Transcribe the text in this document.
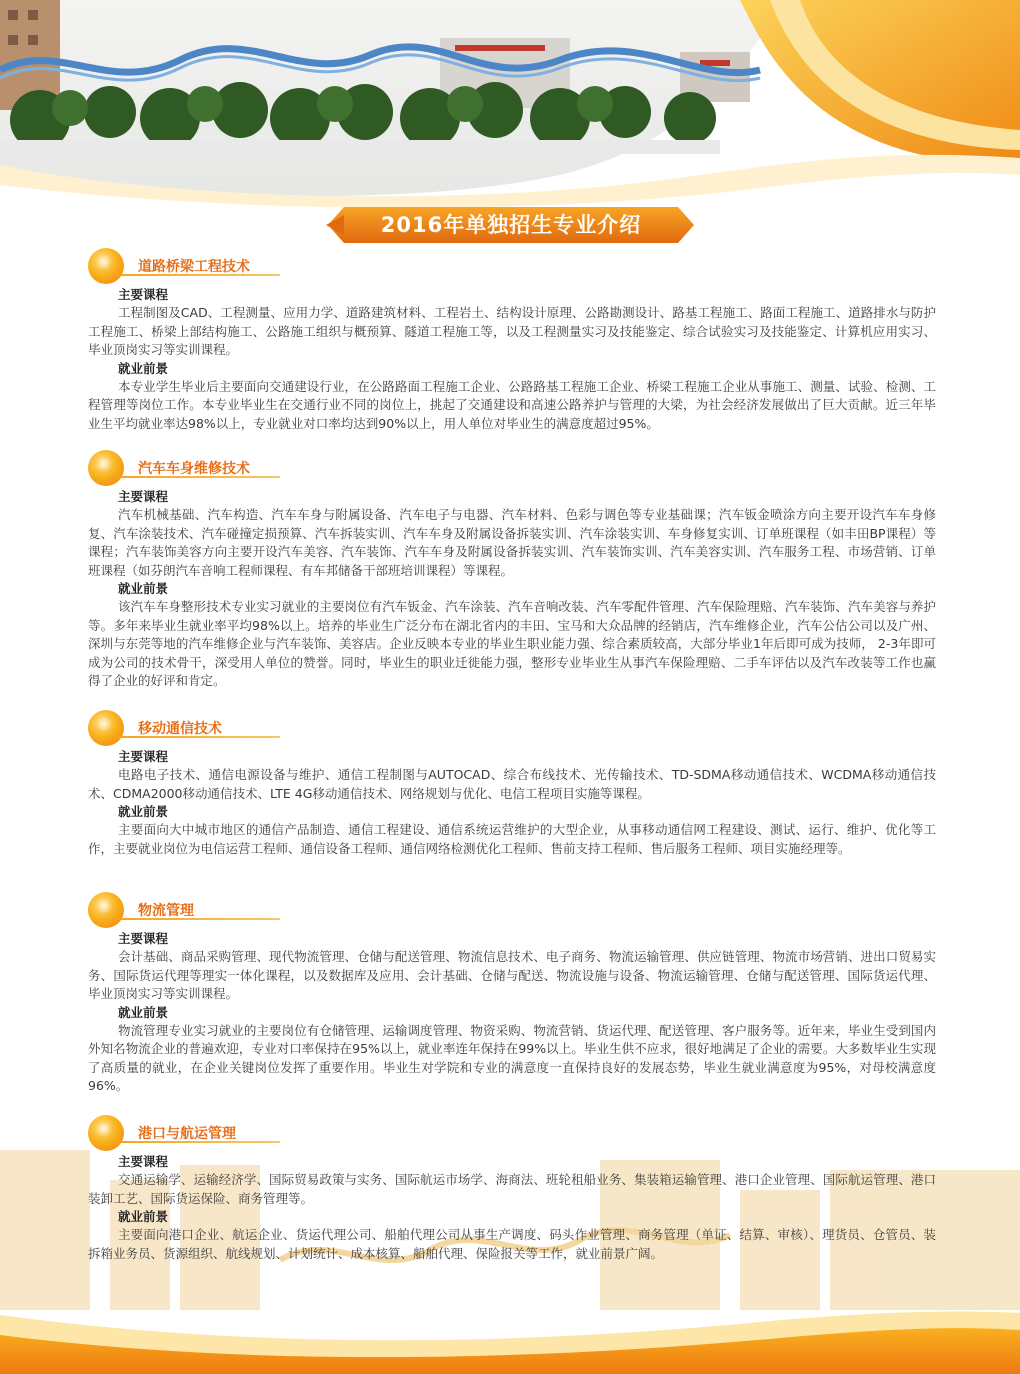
2016年单独招生专业介绍
道路桥梁工程技术
主要课程

工程制图及CAD、工程测量、应用力学、道路建筑材料、工程岩土、结构设计原理、公路勘测设计、路基工程施工、路面工程施工、道路排水与防护工程施工、桥梁上部结构施工、公路施工组织与概预算、隧道工程施工等，以及工程测量实习及技能鉴定、综合试验实习及技能鉴定、计算机应用实习、毕业顶岗实习等实训课程。

就业前景

本专业学生毕业后主要面向交通建设行业，在公路路面工程施工企业、公路路基工程施工企业、桥梁工程施工企业从事施工、测量、试验、检测、工程管理等岗位工作。本专业毕业生在交通行业不同的岗位上，挑起了交通建设和高速公路养护与管理的大梁，为社会经济发展做出了巨大贡献。近三年毕业生平均就业率达98%以上，专业就业对口率均达到90%以上，用人单位对毕业生的满意度超过95%。

汽车车身维修技术
主要课程

汽车机械基础、汽车构造、汽车车身与附属设备、汽车电子与电器、汽车材料、色彩与调色等专业基础课；汽车钣金喷涂方向主要开设汽车车身修复、汽车涂装技术、汽车碰撞定损预算、汽车拆装实训、汽车车身及附属设备拆装实训、汽车涂装实训、车身修复实训、订单班课程（如丰田BP课程）等课程；汽车装饰美容方向主要开设汽车美容、汽车装饰、汽车车身及附属设备拆装实训、汽车装饰实训、汽车美容实训、汽车服务工程、市场营销、订单班课程（如芬朗汽车音响工程师课程、有车邦储备干部班培训课程）等课程。

就业前景

该汽车车身整形技术专业实习就业的主要岗位有汽车钣金、汽车涂装、汽车音响改装、汽车零配件管理、汽车保险理赔、汽车装饰、汽车美容与养护等。多年来毕业生就业率平均98%以上。培养的毕业生广泛分布在湖北省内的丰田、宝马和大众品牌的经销店，汽车维修企业，汽车公估公司以及广州、深圳与东莞等地的汽车维修企业与汽车装饰、美容店。企业反映本专业的毕业生职业能力强、综合素质较高，大部分毕业1年后即可成为技师， 2-3年即可成为公司的技术骨干，深受用人单位的赞誉。同时，毕业生的职业迁徙能力强，整形专业毕业生从事汽车保险理赔、二手车评估以及汽车改装等工作也赢得了企业的好评和肯定。

移动通信技术
主要课程

电路电子技术、通信电源设备与维护、通信工程制图与AUTOCAD、综合布线技术、光传输技术、TD-SDMA移动通信技术、WCDMA移动通信技术、CDMA2000移动通信技术、LTE 4G移动通信技术、网络规划与优化、电信工程项目实施等课程。

就业前景

主要面向大中城市地区的通信产品制造、通信工程建设、通信系统运营维护的大型企业，从事移动通信网工程建设、测试、运行、维护、优化等工作，主要就业岗位为电信运营工程师、通信设备工程师、通信网络检测优化工程师、售前支持工程师、售后服务工程师、项目实施经理等。

物流管理
主要课程

会计基础、商品采购管理、现代物流管理、仓储与配送管理、物流信息技术、电子商务、物流运输管理、供应链管理、物流市场营销、进出口贸易实务、国际货运代理等理实一体化课程，以及数据库及应用、会计基础、仓储与配送、物流设施与设备、物流运输管理、仓储与配送管理、国际货运代理、毕业顶岗实习等实训课程。

就业前景

物流管理专业实习就业的主要岗位有仓储管理、运输调度管理、物资采购、物流营销、货运代理、配送管理、客户服务等。近年来，毕业生受到国内外知名物流企业的普遍欢迎，专业对口率保持在95%以上，就业率连年保持在99%以上。毕业生供不应求，很好地满足了企业的需要。大多数毕业生实现了高质量的就业，在企业关键岗位发挥了重要作用。毕业生对学院和专业的满意度一直保持良好的发展态势，毕业生就业满意度为95%，对母校满意度96%。

港口与航运管理
主要课程

交通运输学、运输经济学、国际贸易政策与实务、国际航运市场学、海商法、班轮租船业务、集装箱运输管理、港口企业管理、国际航运管理、港口装卸工艺、国际货运保险、商务管理等。

就业前景

主要面向港口企业、航运企业、货运代理公司、船舶代理公司从事生产调度、码头作业管理、商务管理（单证、结算、审核）、理货员、仓管员、装拆箱业务员、货源组织、航线规划、计划统计、成本核算、船舶代理、保险报关等工作，就业前景广阔。
